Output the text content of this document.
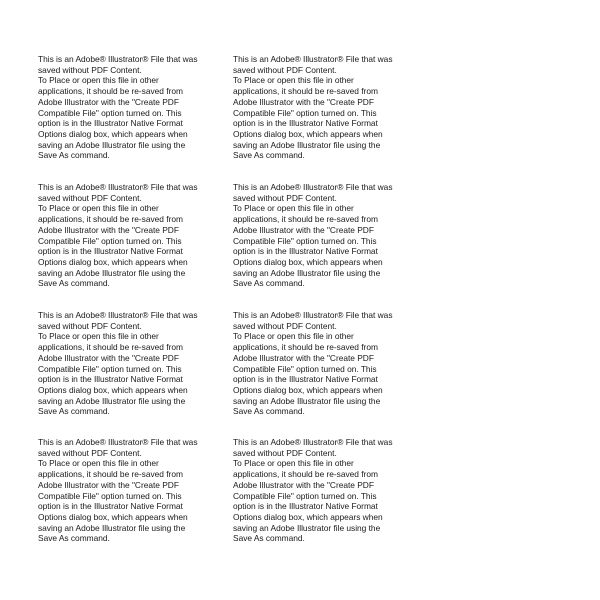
This is an Adobe® Illustrator® File that was
saved without PDF Content.
To Place or open this file in other
applications, it should be re-saved from
Adobe Illustrator with the "Create PDF
Compatible File" option turned on. This
option is in the Illustrator Native Format
Options dialog box, which appears when
saving an Adobe Illustrator file using the
Save As command.
This is an Adobe® Illustrator® File that was
saved without PDF Content.
To Place or open this file in other
applications, it should be re-saved from
Adobe Illustrator with the "Create PDF
Compatible File" option turned on. This
option is in the Illustrator Native Format
Options dialog box, which appears when
saving an Adobe Illustrator file using the
Save As command.
This is an Adobe® Illustrator® File that was
saved without PDF Content.
To Place or open this file in other
applications, it should be re-saved from
Adobe Illustrator with the "Create PDF
Compatible File" option turned on. This
option is in the Illustrator Native Format
Options dialog box, which appears when
saving an Adobe Illustrator file using the
Save As command.
This is an Adobe® Illustrator® File that was
saved without PDF Content.
To Place or open this file in other
applications, it should be re-saved from
Adobe Illustrator with the "Create PDF
Compatible File" option turned on. This
option is in the Illustrator Native Format
Options dialog box, which appears when
saving an Adobe Illustrator file using the
Save As command.
This is an Adobe® Illustrator® File that was
saved without PDF Content.
To Place or open this file in other
applications, it should be re-saved from
Adobe Illustrator with the "Create PDF
Compatible File" option turned on. This
option is in the Illustrator Native Format
Options dialog box, which appears when
saving an Adobe Illustrator file using the
Save As command.
This is an Adobe® Illustrator® File that was
saved without PDF Content.
To Place or open this file in other
applications, it should be re-saved from
Adobe Illustrator with the "Create PDF
Compatible File" option turned on. This
option is in the Illustrator Native Format
Options dialog box, which appears when
saving an Adobe Illustrator file using the
Save As command.
This is an Adobe® Illustrator® File that was
saved without PDF Content.
To Place or open this file in other
applications, it should be re-saved from
Adobe Illustrator with the "Create PDF
Compatible File" option turned on. This
option is in the Illustrator Native Format
Options dialog box, which appears when
saving an Adobe Illustrator file using the
Save As command.
This is an Adobe® Illustrator® File that was
saved without PDF Content.
To Place or open this file in other
applications, it should be re-saved from
Adobe Illustrator with the "Create PDF
Compatible File" option turned on. This
option is in the Illustrator Native Format
Options dialog box, which appears when
saving an Adobe Illustrator file using the
Save As command.
